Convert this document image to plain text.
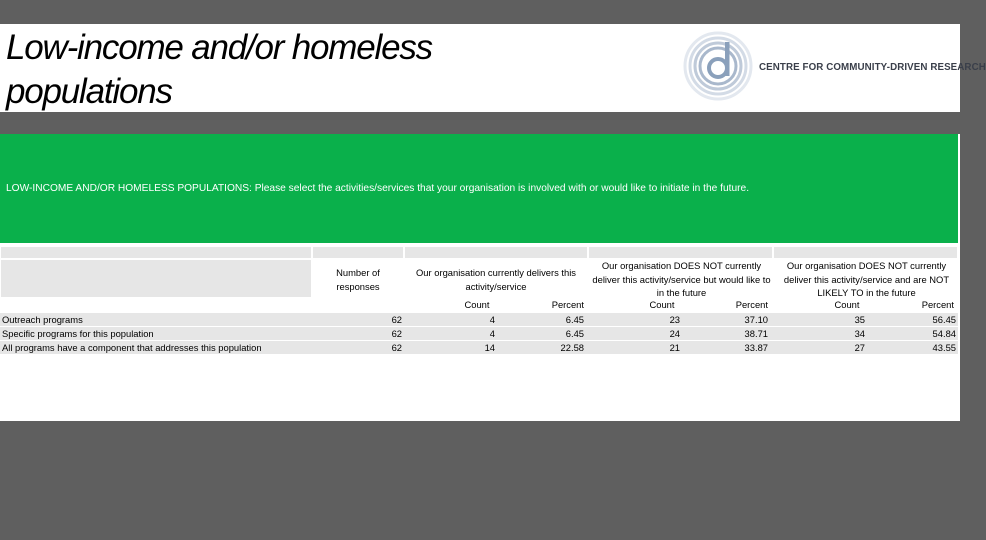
Low-income and/or homeless populations
CENTRE FOR COMMUNITY-DRIVEN RESEARCH
LOW-INCOME AND/OR HOMELESS POPULATIONS: Please select the activities/services that your organisation is involved with or would like to initiate in the future.
Number of responses
Our organisation currently delivers this activity/service
Our organisation DOES NOT currently deliver this activity/service but would like to in the future
Our organisation DOES NOT currently deliver this activity/service and are NOT LIKELY TO in the future
Count	Percent	Count	Percent	Count	Percent
Outreach programs	62	4	6.45	23	37.10	35	56.45
Specific programs for this population	62	4	6.45	24	38.71	34	54.84
All programs have a component that addresses this population	62	14	22.58	21	33.87	27	43.55
